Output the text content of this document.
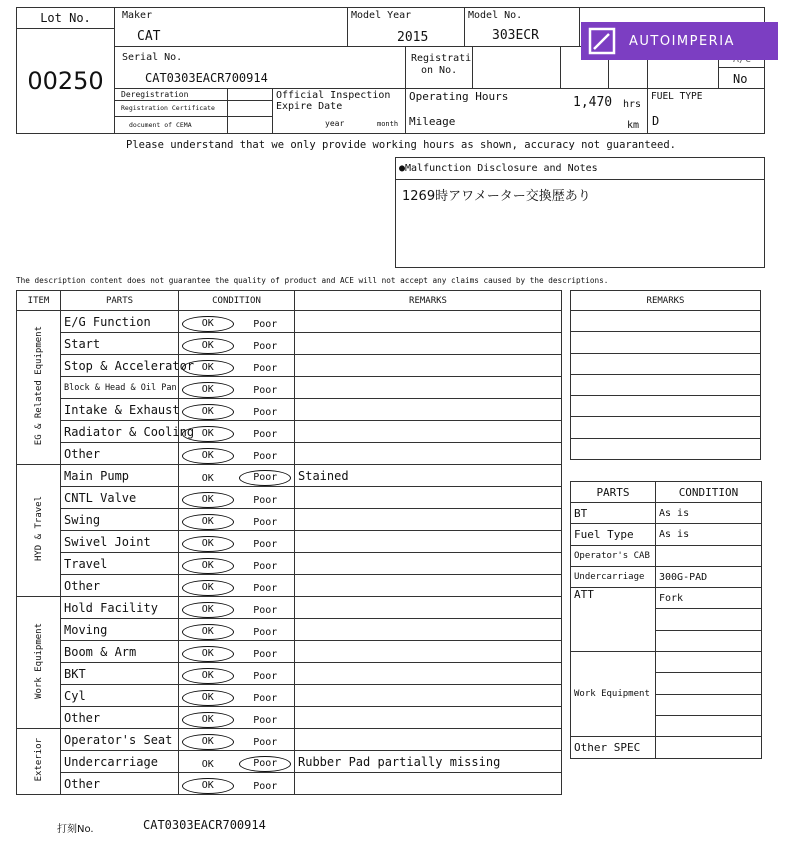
Lot No.
00250
Maker
CAT
Model Year
2015
Model No.
303ECR
Serial No.
CAT0303EACR700914
Registrati
on No.
No
Deregistration
Registration Certificate
document of CEMA
Official Inspection
Expire Date
year	month
Operating Hours	1,470 hrs
Mileage	km
FUEL TYPE
D
AUTOIMPERIA
Please understand that we only provide working hours as shown, accuracy not guaranteed.
●Malfunction Disclosure and Notes
1269時アワメーター交換歴あり
The description content does not guarantee the quality of product and ACE will not accept any claims caused by the descriptions.
ITEM	PARTS	CONDITION		REMARKS
EG & Related Equipment	E/G Function	OK	Poor	
	Start	OK	Poor	
	Stop & Accelerator	OK	Poor	
	Block & Head & Oil Pan	OK	Poor	
	Intake & Exhaust	OK	Poor	
	Radiator & Cooling	OK	Poor	
	Other	OK	Poor	
HYD & Travel	Main Pump	OK	Poor	Stained
	CNTL Valve	OK	Poor	
	Swing	OK	Poor	
	Swivel Joint	OK	Poor	
	Travel	OK	Poor	
	Other	OK	Poor	
Work Equipment	Hold Facility	OK	Poor	
	Moving	OK	Poor	
	Boom & Arm	OK	Poor	
	BKT	OK	Poor	
	Cyl	OK	Poor	
	Other	OK	Poor	
Exterior	Operator's Seat	OK	Poor	
	Undercarriage	OK	Poor	Rubber Pad partially missing
	Other	OK	Poor	
REMARKS

PARTS	CONDITION
BT	As is
Fuel Type	As is
Operator's CAB	
Undercarriage	300G-PAD
ATT	Fork

Work Equipment	

Other SPEC	
打刻No.	CAT0303EACR700914
